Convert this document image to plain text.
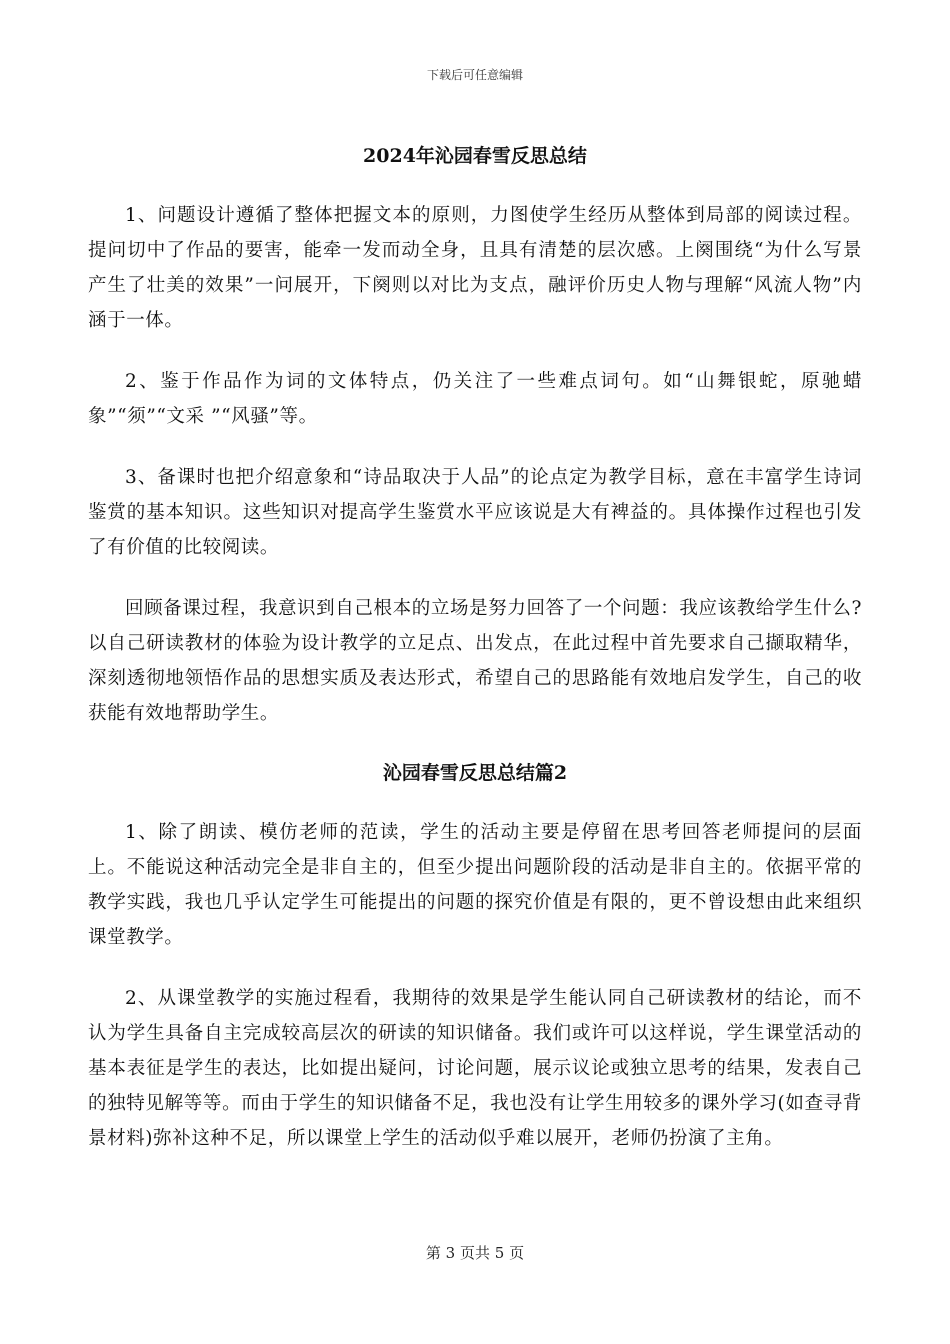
下载后可任意编辑
2024年沁园春雪反思总结

1、问题设计遵循了整体把握文本的原则，力图使学生经历从整体到局部的阅读过程。提问切中了作品的要害，能牵一发而动全身，且具有清楚的层次感。上阕围绕“为什么写景产生了壮美的效果”一问展开，下阕则以对比为支点，融评价历史人物与理解“风流人物”内涵于一体。

2、鉴于作品作为词的文体特点，仍关注了一些难点词句。如“山舞银蛇，原驰蜡象”“须”“文采 ”“风骚”等。

3、备课时也把介绍意象和“诗品取决于人品”的论点定为教学目标，意在丰富学生诗词鉴赏的基本知识。这些知识对提高学生鉴赏水平应该说是大有裨益的。具体操作过程也引发了有价值的比较阅读。

回顾备课过程，我意识到自己根本的立场是努力回答了一个问题：我应该教给学生什么?以自己研读教材的体验为设计教学的立足点、出发点，在此过程中首先要求自己撷取精华，深刻透彻地领悟作品的思想实质及表达形式，希望自己的思路能有效地启发学生，自己的收获能有效地帮助学生。

沁园春雪反思总结篇2

1、除了朗读、模仿老师的范读，学生的活动主要是停留在思考回答老师提问的层面上。不能说这种活动完全是非自主的，但至少提出问题阶段的活动是非自主的。依据平常的教学实践，我也几乎认定学生可能提出的问题的探究价值是有限的，更不曾设想由此来组织课堂教学。

2、从课堂教学的实施过程看，我期待的效果是学生能认同自己研读教材的结论，而不认为学生具备自主完成较高层次的研读的知识储备。我们或许可以这样说，学生课堂活动的基本表征是学生的表达，比如提出疑问，讨论问题，展示议论或独立思考的结果，发表自己的独特见解等等。而由于学生的知识储备不足，我也没有让学生用较多的课外学习(如查寻背景材料)弥补这种不足，所以课堂上学生的活动似乎难以展开，老师仍扮演了主角。

第 3 页共 5 页
